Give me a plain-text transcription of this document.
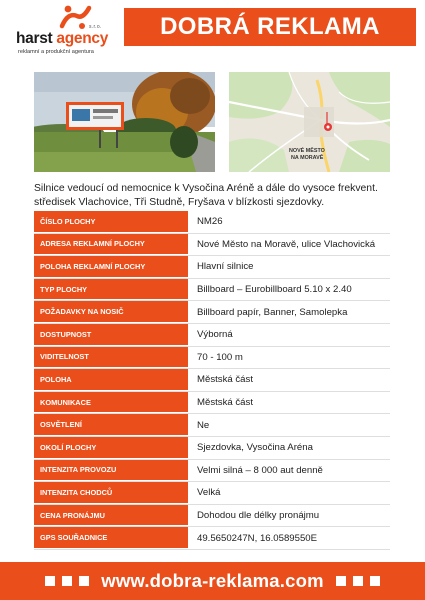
s.r.o.
harst agency
reklamní a produkční agentura
DOBRÁ REKLAMA
NOVÉ MĚSTO
NA MORAVĚ
Silnice vedoucí od nemocnice k Vysočina Aréně a dále do vysoce frekvent. středisek Vlachovice, Tři Studně, Fryšava v blízkosti sjezdovky.
ČÍSLO PLOCHY	NM26
ADRESA REKLAMNÍ PLOCHY	Nové Město na Moravě, ulice Vlachovická
POLOHA REKLAMNÍ PLOCHY	Hlavní silnice
TYP PLOCHY	Billboard – Eurobillboard 5.10 x 2.40
POŽADAVKY NA NOSIČ	Billboard papír, Banner, Samolepka
DOSTUPNOST	Výborná
VIDITELNOST	70 - 100 m
POLOHA	Městská část
KOMUNIKACE	Městská část
OSVĚTLENÍ	Ne
OKOLÍ PLOCHY	Sjezdovka, Vysočina Aréna
INTENZITA PROVOZU	Velmi silná – 8 000 aut denně
INTENZITA CHODCŮ	Velká
CENA PRONÁJMU	Dohodou dle délky pronájmu
GPS SOUŘADNICE	49.5650247N, 16.0589550E
www.dobra-reklama.com
